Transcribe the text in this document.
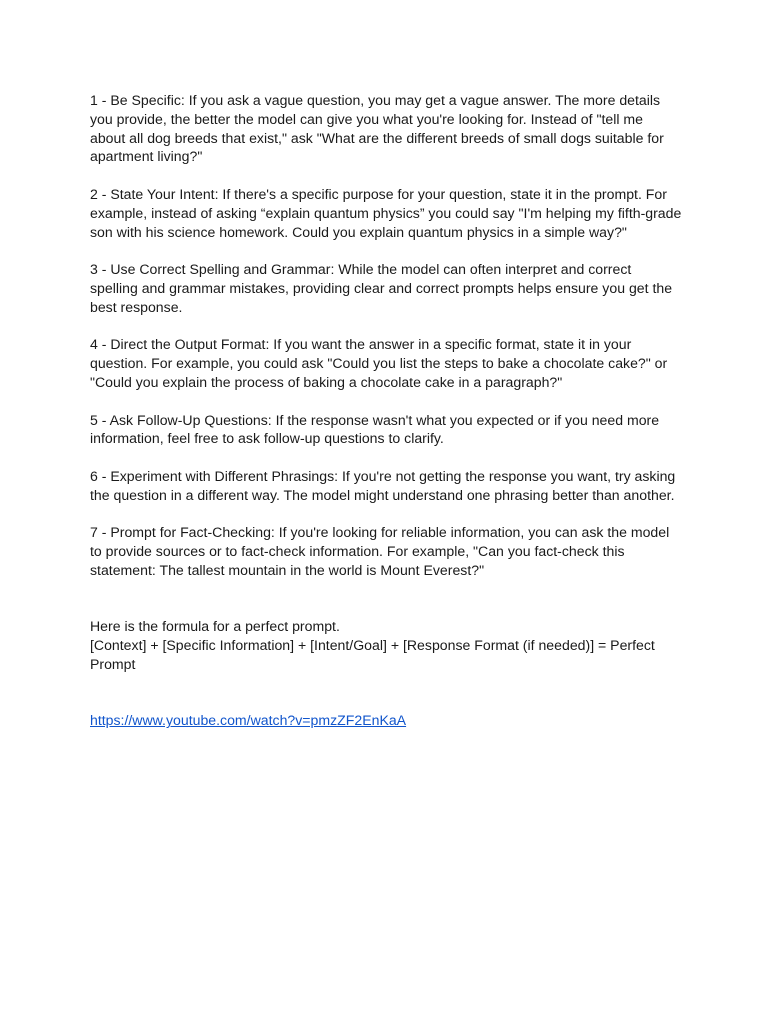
1 - Be Specific: If you ask a vague question, you may get a vague answer. The more details you provide, the better the model can give you what you're looking for. Instead of "tell me about all dog breeds that exist," ask "What are the different breeds of small dogs suitable for apartment living?"

2 - State Your Intent: If there's a specific purpose for your question, state it in the prompt. For example, instead of asking “explain quantum physics” you could say "I'm helping my fifth-grade son with his science homework. Could you explain quantum physics in a simple way?"

3 - Use Correct Spelling and Grammar: While the model can often interpret and correct spelling and grammar mistakes, providing clear and correct prompts helps ensure you get the best response.

4 - Direct the Output Format: If you want the answer in a specific format, state it in your question. For example, you could ask "Could you list the steps to bake a chocolate cake?" or "Could you explain the process of baking a chocolate cake in a paragraph?"

5 - Ask Follow-Up Questions: If the response wasn't what you expected or if you need more information, feel free to ask follow-up questions to clarify.

6 - Experiment with Different Phrasings: If you're not getting the response you want, try asking the question in a different way. The model might understand one phrasing better than another.

7 - Prompt for Fact-Checking: If you're looking for reliable information, you can ask the model to provide sources or to fact-check information. For example, "Can you fact-check this statement: The tallest mountain in the world is Mount Everest?"

Here is the formula for a perfect prompt.
[Context] + [Specific Information] + [Intent/Goal] + [Response Format (if needed)] = Perfect Prompt
https://www.youtube.com/watch?v=pmzZF2EnKaA
